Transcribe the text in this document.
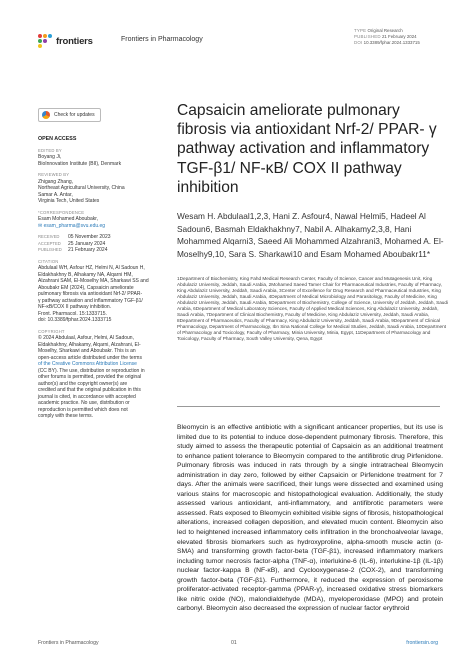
frontiers	Frontiers in Pharmacology
TYPE Original Research
PUBLISHED 21 February 2024
DOI 10.3389/fphar.2024.1333715
Check for updates
OPEN ACCESS
EDITED BY
Boyang Ji,
BioInnovation Institute (BII), Denmark
REVIEWED BY
Zhigang Zhang,
Northeast Agricultural University, China
Samar A. Antar,
Virginia Tech, United States
*CORRESPONDENCE
Esam Mohamed Aboubakr,
✉ esam_pharma@svu.edu.eg
RECEIVED	05 November 2023
ACCEPTED	25 January 2024
PUBLISHED	21 February 2024
CITATION
Abdulaal WH, Asfour HZ, Helmi N, Al Sadoun H,
Eldakhakhny B, Alhakamy NA, Alqarni HM,
Alzahrani SAM, El-Moselhy MA, Sharkawi SS and
Aboubakr EM (2024), Capsaicin ameliorate
pulmonary fibrosis via antioxidant Nrf-2/ PPAR-
γ pathway activation and inflammatory TGF-β1/
NF-κB/COX II pathway inhibition.
Front. Pharmacol. 15:1333715.
doi: 10.3389/fphar.2024.1333715
COPYRIGHT
© 2024 Abdulaal, Asfour, Helmi, Al Sadoun,
Eldakhakhny, Alhakamy, Alqarni, Alzahrani, El-
Moselhy, Sharkawi and Aboubakr. This is an
open-access article distributed under the terms
of the Creative Commons Attribution License
(CC BY). The use, distribution or reproduction in
other forums is permitted, provided the original
author(s) and the copyright owner(s) are
credited and that the original publication in this
journal is cited, in accordance with accepted
academic practice. No use, distribution or
reproduction is permitted which does not
comply with these terms.
Capsaicin ameliorate pulmonary fibrosis via antioxidant Nrf-2/ PPAR- γ pathway activation and inflammatory TGF-β1/ NF-κB/ COX II pathway inhibition
Wesam H. Abdulaal1,2,3, Hani Z. Asfour4, Nawal Helmi5, Hadeel Al Sadoun6, Basmah Eldakhakhny7, Nabil A. Alhakamy2,3,8, Hani Mohammed Alqarni3, Saeed Ali Mohammed Alzahrani3, Mohamed A. El-Moselhy9,10, Sara S. Sharkawi10 and Esam Mohamed Aboubakr11*
1Department of Biochemistry, King Fahd Medical Research Center, Faculty of Science, Cancer and Mutagenesis Unit, King Abdulaziz University, Jeddah, Saudi Arabia, 2Mohamed Saeed Tamer Chair for Pharmaceutical Industries, Faculty of Pharmacy, King Abdulaziz University, Jeddah, Saudi Arabia, 3Center of Excellence for Drug Research and Pharmaceutical Industries, King Abdulaziz University, Jeddah, Saudi Arabia, 4Department of Medical Microbiology and Parasitology, Faculty of Medicine, King Abdulaziz University, Jeddah, Saudi Arabia, 5Department of Biochemistry, College of Science, University of Jeddah, Jeddah, Saudi Arabia, 6Department of Medical Laboratory Sciences, Faculty of Applied Medical Sciences, King Abdulaziz University, Jeddah, Saudi Arabia, 7Department of Clinical Biochemistry, Faculty of Medicine, King Abdulaziz University, Jeddah, Saudi Arabia, 8Department of Pharmaceutics, Faculty of Pharmacy, King Abdulaziz University, Jeddah, Saudi Arabia, 9Department of Clinical Pharmacology, Department of Pharmacology, Ibn Sina National College for Medical Studies, Jeddah, Saudi Arabia, 10Department of Pharmacology and Toxicology, Faculty of Pharmacy, Minia University, Minia, Egypt, 11Department of Pharmacology and Toxicology, Faculty of Pharmacy, South Valley University, Qena, Egypt
Bleomycin is an effective antibiotic with a significant anticancer properties, but its use is limited due to its potential to induce dose-dependent pulmonary fibrosis. Therefore, this study aimed to assess the therapeutic potential of Capsaicin as an additional treatment to enhance patient tolerance to Bleomycin compared to the antifibrotic drug Pirfenidone. Pulmonary fibrosis was induced in rats through by a single intratracheal Bleomycin administration in day zero, followed by either Capsaicin or Pirfenidone treatment for 7 days. After the animals were sacrificed, their lungs were dissected and examined using various stains for macroscopic and histopathological evaluation. Additionally, the study assessed various antioxidant, anti-inflammatory, and antifibrotic parameters were assessed. Rats exposed to Bleomycin exhibited visible signs of fibrosis, histopathological alterations, increased collagen deposition, and elevated mucin content. Bleomycin also led to heightened increased inflammatory cells infiltration in the bronchoalveolar lavage, elevated fibrosis biomarkers such as hydroxyproline, alpha-smooth muscle actin (α-SMA) and transforming growth factor-beta (TGF-β1), increased inflammatory markers including tumor necrosis factor-alpha (TNF-α), interlukine-6 (IL-6), interlukine-1β (IL-1β) nuclear factor-kappa B (NF-κB), and Cyclooxygenase-2 (COX-2), and transforming growth factor-beta (TGF-β1). Furthermore, it reduced the expression of peroxisome proliferator-activated receptor-gamma (PPAR-γ), increased oxidative stress biomarkers like nitric oxide (NO), malondialdehyde (MDA), myeloperoxidase (MPO) and protein carbonyl. Bleomycin also decreased the expression of nuclear factor erythroid
Frontiers in Pharmacology	01	frontiersin.org
